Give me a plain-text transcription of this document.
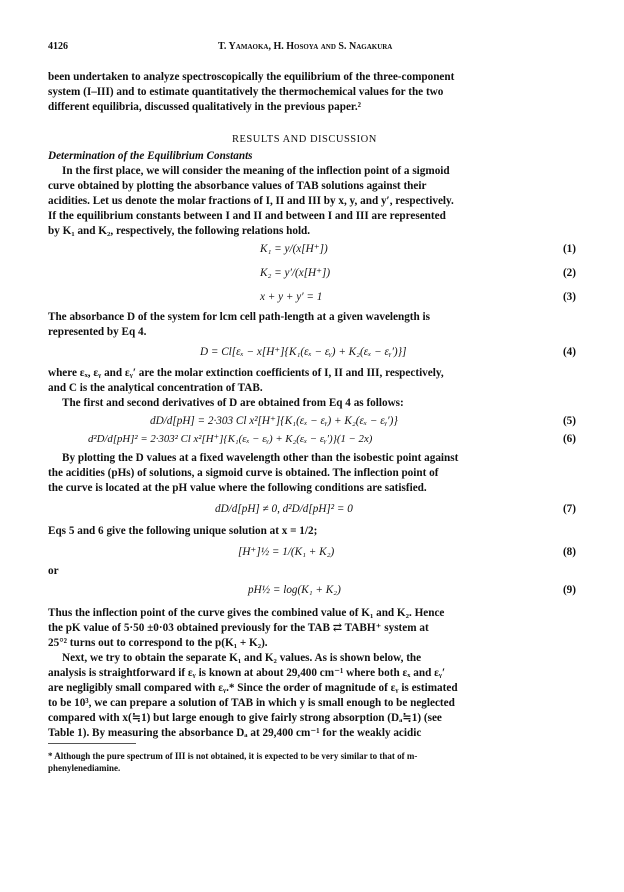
4126	T. Yamaoka, H. Hosoya and S. Nagakura
been undertaken to analyze spectroscopically the equilibrium of the three-component
system (I–III) and to estimate quantitatively the thermochemical values for the two
different equilibria, discussed qualitatively in the previous paper.²
RESULTS AND DISCUSSION
Determination of the Equilibrium Constants
In the first place, we will consider the meaning of the inflection point of a sigmoid
curve obtained by plotting the absorbance values of TAB solutions against their
acidities. Let us denote the molar fractions of I, II and III by x, y, and y′, respectively.
If the equilibrium constants between I and II and between I and III are represented
by K₁ and K₂, respectively, the following relations hold.
K₁ = y/(x[H⁺])	(1)
K₂ = y′/(x[H⁺])	(2)
x + y + y′ = 1	(3)
The absorbance D of the system for lcm cell path-length at a given wavelength is
represented by Eq 4.
D = Cl[εₓ − x[H⁺]{K₁(εₓ − εᵧ) + K₂(εₓ − εᵧ′)}]	(4)
where εₓ, εᵧ and εᵧ′ are the molar extinction coefficients of I, II and III, respectively,
and C is the analytical concentration of TAB.
The first and second derivatives of D are obtained from Eq 4 as follows:
dD/d[pH] = 2·303 Cl x²[H⁺]{K₁(εₓ − εᵧ) + K₂(εₓ − εᵧ′)}	(5)
d²D/d[pH]² = 2·303² Cl x²[H⁺]{K₁(εₓ − εᵧ) + K₂(εₓ − εᵧ′)}(1 − 2x)	(6)
By plotting the D values at a fixed wavelength other than the isobestic point against
the acidities (pHs) of solutions, a sigmoid curve is obtained. The inflection point of
the curve is located at the pH value where the following conditions are satisfied.
dD/d[pH] ≠ 0, d²D/d[pH]² = 0	(7)
Eqs 5 and 6 give the following unique solution at x = 1/2;
[H⁺]½ = 1/(K₁ + K₂)	(8)
or
pH½ = log(K₁ + K₂)	(9)
Thus the inflection point of the curve gives the combined value of K₁ and K₂. Hence
the pK value of 5·50 ±0·03 obtained previously for the TAB ⇄ TABH⁺ system at
25°² turns out to correspond to the p(K₁ + K₂).
Next, we try to obtain the separate K₁ and K₂ values. As is shown below, the
analysis is straightforward if εᵧ is known at about 29,400 cm⁻¹ where both εₓ and εᵧ′
are negligibly small compared with εᵧ.* Since the order of magnitude of εᵧ is estimated
to be 10³, we can prepare a solution of TAB in which y is small enough to be neglected
compared with x(≒1) but large enough to give fairly strong absorption (Dₐ≒1) (see
Table 1). By measuring the absorbance Dₐ at 29,400 cm⁻¹ for the weakly acidic
* Although the pure spectrum of III is not obtained, it is expected to be very similar to that of m-
phenylenediamine.
